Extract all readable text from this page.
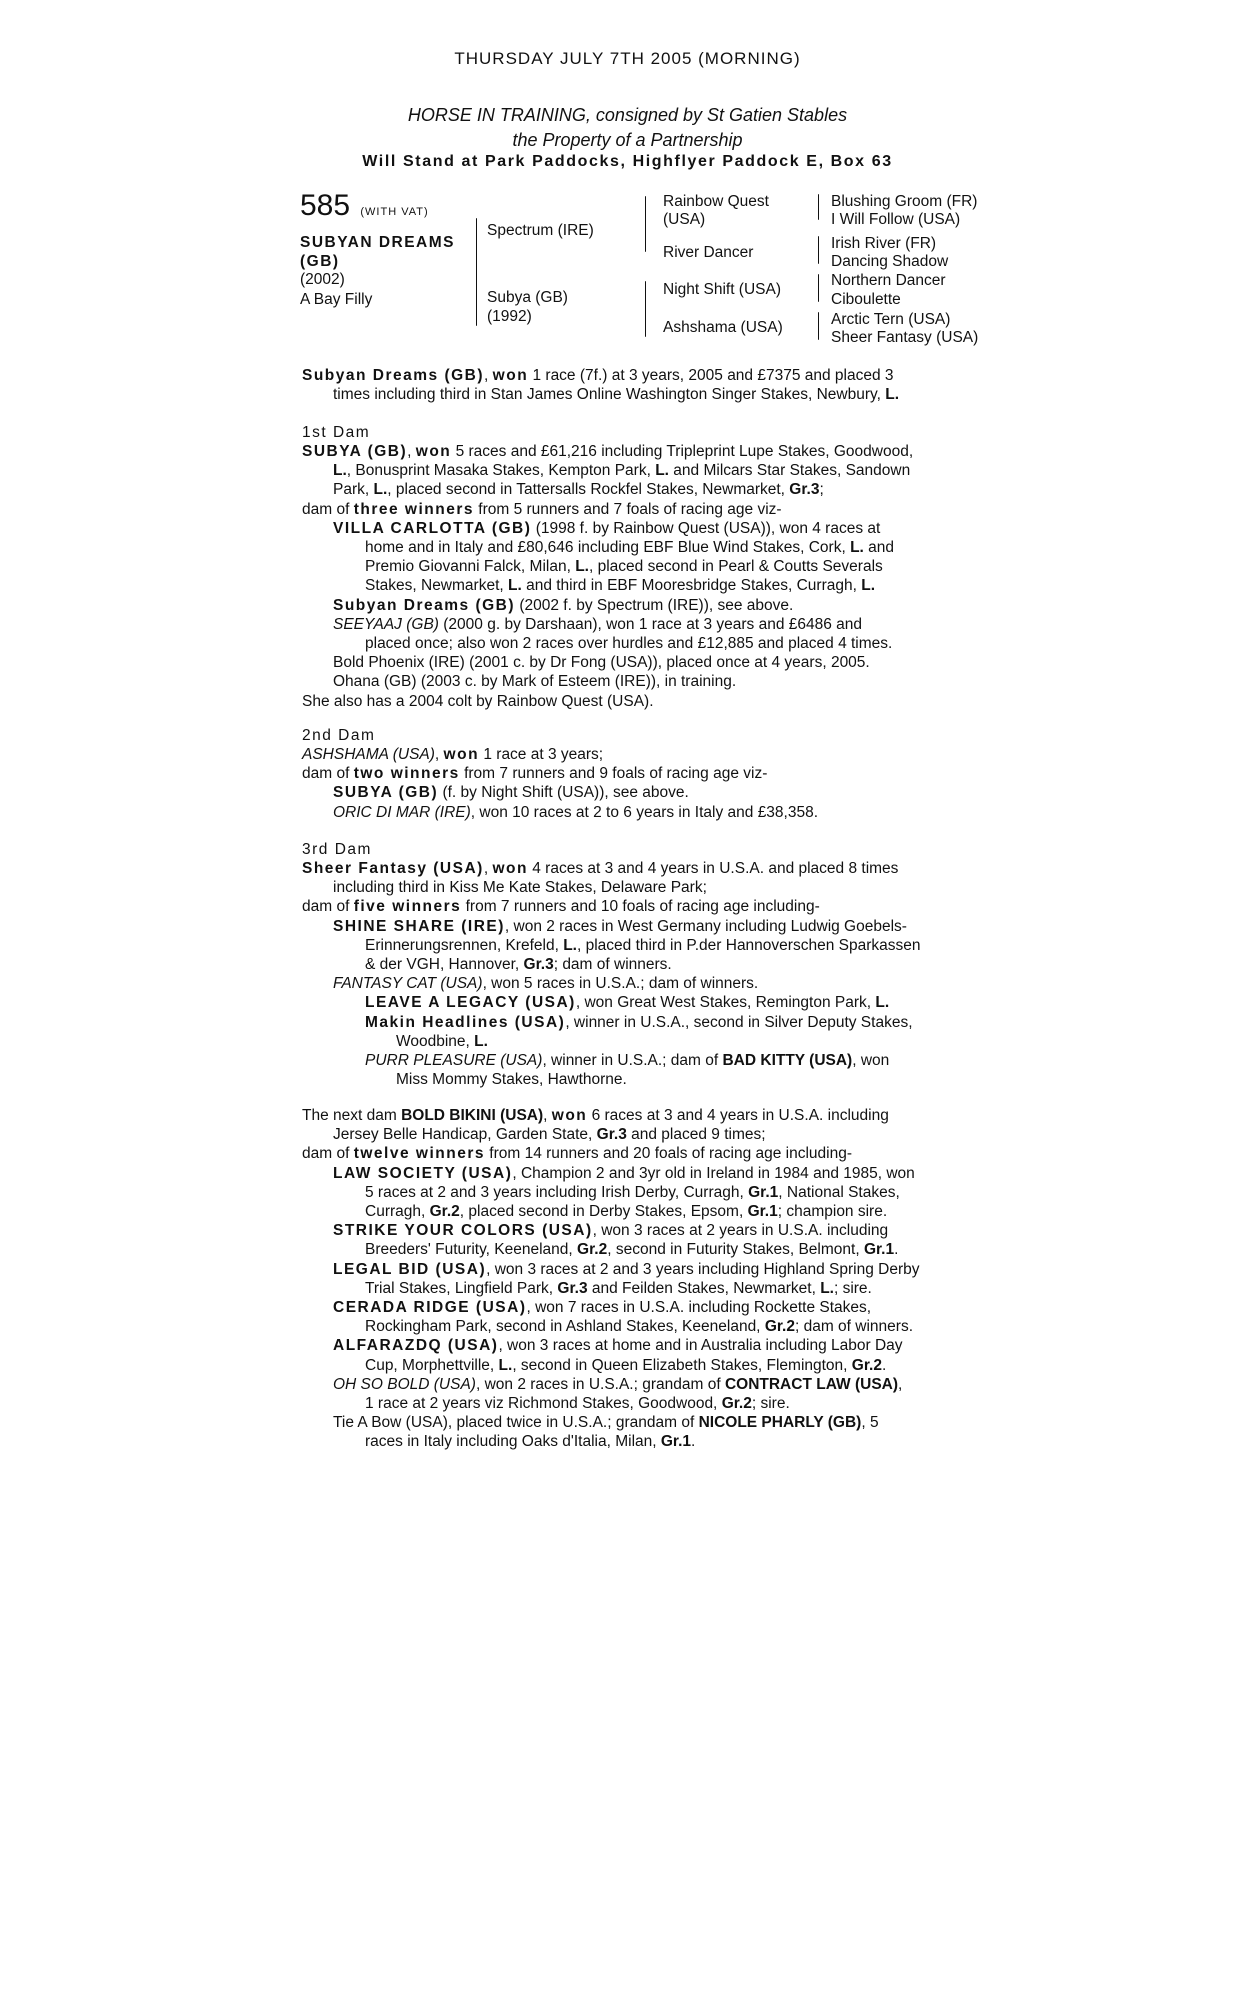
THURSDAY JULY 7TH 2005 (MORNING)
HORSE IN TRAINING, consigned by St Gatien Stables
the Property of a Partnership
Will Stand at Park Paddocks, Highflyer Paddock E, Box 63
585 (WITH VAT)
SUBYAN DREAMS
(GB)
(2002)
A Bay Filly
Spectrum (IRE)
Subya (GB)
(1992)
Rainbow Quest
(USA)
River Dancer
Night Shift (USA)
Ashshama (USA)
Blushing Groom (FR)
I Will Follow (USA)
Irish River (FR)
Dancing Shadow
Northern Dancer
Ciboulette
Arctic Tern (USA)
Sheer Fantasy (USA)
Subyan Dreams (GB), won 1 race (7f.) at 3 years, 2005 and £7375 and placed 3
times including third in Stan James Online Washington Singer Stakes, Newbury, L.
1st Dam
SUBYA (GB), won 5 races and £61,216 including Tripleprint Lupe Stakes, Goodwood,
L., Bonusprint Masaka Stakes, Kempton Park, L. and Milcars Star Stakes, Sandown
Park, L., placed second in Tattersalls Rockfel Stakes, Newmarket, Gr.3;
dam of three winners from 5 runners and 7 foals of racing age viz-
VILLA CARLOTTA (GB) (1998 f. by Rainbow Quest (USA)), won 4 races at
home and in Italy and £80,646 including EBF Blue Wind Stakes, Cork, L. and
Premio Giovanni Falck, Milan, L., placed second in Pearl & Coutts Severals
Stakes, Newmarket, L. and third in EBF Mooresbridge Stakes, Curragh, L.
Subyan Dreams (GB) (2002 f. by Spectrum (IRE)), see above.
SEEYAAJ (GB) (2000 g. by Darshaan), won 1 race at 3 years and £6486 and
placed once; also won 2 races over hurdles and £12,885 and placed 4 times.
Bold Phoenix (IRE) (2001 c. by Dr Fong (USA)), placed once at 4 years, 2005.
Ohana (GB) (2003 c. by Mark of Esteem (IRE)), in training.
She also has a 2004 colt by Rainbow Quest (USA).
2nd Dam
ASHSHAMA (USA), won 1 race at 3 years;
dam of two winners from 7 runners and 9 foals of racing age viz-
SUBYA (GB) (f. by Night Shift (USA)), see above.
ORIC DI MAR (IRE), won 10 races at 2 to 6 years in Italy and £38,358.
3rd Dam
Sheer Fantasy (USA), won 4 races at 3 and 4 years in U.S.A. and placed 8 times
including third in Kiss Me Kate Stakes, Delaware Park;
dam of five winners from 7 runners and 10 foals of racing age including-
SHINE SHARE (IRE), won 2 races in West Germany including Ludwig Goebels-
Erinnerungsrennen, Krefeld, L., placed third in P.der Hannoverschen Sparkassen
& der VGH, Hannover, Gr.3; dam of winners.
FANTASY CAT (USA), won 5 races in U.S.A.; dam of winners.
LEAVE A LEGACY (USA), won Great West Stakes, Remington Park, L.
Makin Headlines (USA), winner in U.S.A., second in Silver Deputy Stakes,
Woodbine, L.
PURR PLEASURE (USA), winner in U.S.A.; dam of BAD KITTY (USA), won
Miss Mommy Stakes, Hawthorne.
The next dam BOLD BIKINI (USA), won 6 races at 3 and 4 years in U.S.A. including
Jersey Belle Handicap, Garden State, Gr.3 and placed 9 times;
dam of twelve winners from 14 runners and 20 foals of racing age including-
LAW SOCIETY (USA), Champion 2 and 3yr old in Ireland in 1984 and 1985, won
5 races at 2 and 3 years including Irish Derby, Curragh, Gr.1, National Stakes,
Curragh, Gr.2, placed second in Derby Stakes, Epsom, Gr.1; champion sire.
STRIKE YOUR COLORS (USA), won 3 races at 2 years in U.S.A. including
Breeders' Futurity, Keeneland, Gr.2, second in Futurity Stakes, Belmont, Gr.1.
LEGAL BID (USA), won 3 races at 2 and 3 years including Highland Spring Derby
Trial Stakes, Lingfield Park, Gr.3 and Feilden Stakes, Newmarket, L.; sire.
CERADA RIDGE (USA), won 7 races in U.S.A. including Rockette Stakes,
Rockingham Park, second in Ashland Stakes, Keeneland, Gr.2; dam of winners.
ALFARAZDQ (USA), won 3 races at home and in Australia including Labor Day
Cup, Morphettville, L., second in Queen Elizabeth Stakes, Flemington, Gr.2.
OH SO BOLD (USA), won 2 races in U.S.A.; grandam of CONTRACT LAW (USA),
1 race at 2 years viz Richmond Stakes, Goodwood, Gr.2; sire.
Tie A Bow (USA), placed twice in U.S.A.; grandam of NICOLE PHARLY (GB), 5
races in Italy including Oaks d'Italia, Milan, Gr.1.
